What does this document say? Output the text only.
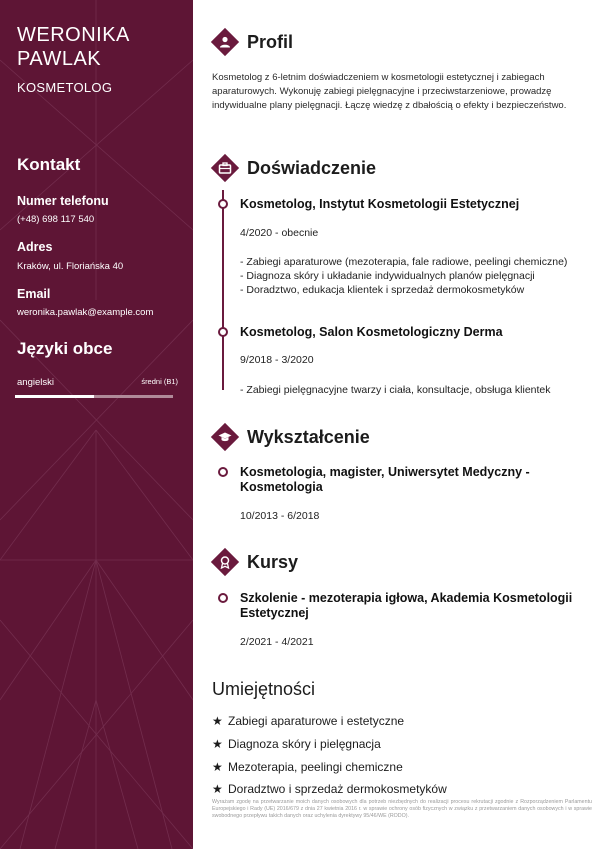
WERONIKA
PAWLAK
KOSMETOLOG
Kontakt
Numer telefonu
(+48) 698 117 540
Adres
Kraków, ul. Floriańska 40
Email
weronika.pawlak@example.com
Języki obce
angielski	średni (B1)
Profil
Kosmetolog z 6-letnim doświadczeniem w kosmetologii estetycznej i zabiegach aparaturowych. Wykonuję zabiegi pielęgnacyjne i przeciwstarzeniowe, prowadzę indywidualne plany pielęgnacji. Łączę wiedzę z dbałością o efekty i bezpieczeństwo.
Doświadczenie
Kosmetolog, Instytut Kosmetologii Estetycznej
4/2020 - obecnie
- Zabiegi aparaturowe (mezoterapia, fale radiowe, peelingi chemiczne)
- Diagnoza skóry i układanie indywidualnych planów pielęgnacji
- Doradztwo, edukacja klientek i sprzedaż dermokosmetyków
Kosmetolog, Salon Kosmetologiczny Derma
9/2018 - 3/2020
- Zabiegi pielęgnacyjne twarzy i ciała, konsultacje, obsługa klientek
Wykształcenie
Kosmetologia, magister, Uniwersytet Medyczny - Kosmetologia
10/2013 - 6/2018
Kursy
Szkolenie - mezoterapia igłowa, Akademia Kosmetologii Estetycznej
2/2021 - 4/2021
Umiejętności
★ Zabiegi aparaturowe i estetyczne
★ Diagnoza skóry i pielęgnacja
★ Mezoterapia, peelingi chemiczne
★ Doradztwo i sprzedaż dermokosmetyków
Wyrażam zgodę na przetwarzanie moich danych osobowych dla potrzeb niezbędnych do realizacji procesu rekrutacji zgodnie z Rozporządzeniem Parlamentu Europejskiego i Rady (UE) 2016/679 z dnia 27 kwietnia 2016 r. w sprawie ochrony osób fizycznych w związku z przetwarzaniem danych osobowych i w sprawie swobodnego przepływu takich danych oraz uchylenia dyrektywy 95/46/WE (RODO).
